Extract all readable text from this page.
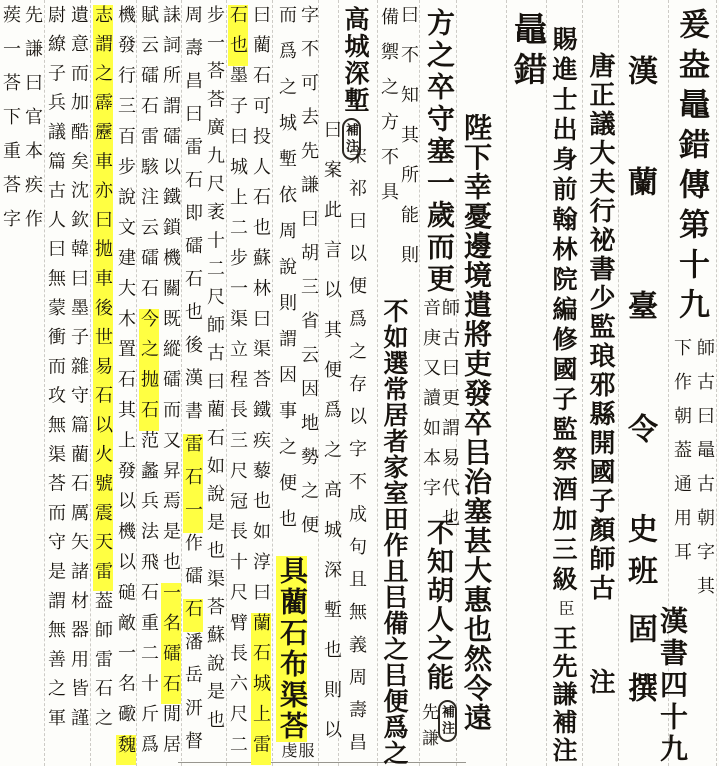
爰盎鼂錯傳第十九
師古曰鼂古朝字其
下作朝葢通用耳
漢書四十九
漢
蘭
臺
令
史
班
固
撰
唐正議大夫行祕書少監琅邪縣開國子顏師古
注
賜進士出身前翰林院編修國子監祭酒加三級
臣
王先謙補注
鼂錯
陛下幸憂邊境遣將吏發卒㠯治塞甚大惠也然令遠
方之卒守塞一歲而更
師古曰更謂易代也
音庚又讀如本字
不知胡人之能
補注
先謙
曰不知其所能則
備禦之方不具
不如選常居者家室田作且㠯備之㠯便爲之
高城深塹
補注
宋祁曰以便爲之存以字不成句且無義周壽昌
曰案此言以其便爲之高城深塹也則以
字不可去先謙曰胡三省云因地勢之便
而爲之城塹依周說則謂因事之便也
具藺石布渠荅
服
虔
曰藺石可投人石也蘇林曰渠荅鐵疾藜也如淳曰蘭石城上雷
石也墨子曰城上二步一渠立程長三尺冠長十尺臂長六尺二
步一荅荅廣九尺袤十二尺師古曰藺石如說是也渠荅蘇說是也
周壽昌曰雷石即礌石也後漢書雷石一作礌石潘岳汧督
誄詞所謂礌以鐵鎖機關既縱礌而又昇焉是也一名礌石閒居
賦云礌石雷駭注云礌石今之抛石范蠡兵法飛石重二十斤爲
機發行三百步說文建大木置石其上發以機以磓敵一名礮魏
志謂之霹靂車亦曰拋車後世易石以火號震天雷葢師雷石之
遺意而加酷矣沈欽韓曰墨子雜守篇藺石厲矢諸材器用皆謹
尉繚子兵議篇古人曰無蒙衝而攻無渠荅而守是謂無善之軍
先謙曰官本疾作
蒺一荅下重荅字
